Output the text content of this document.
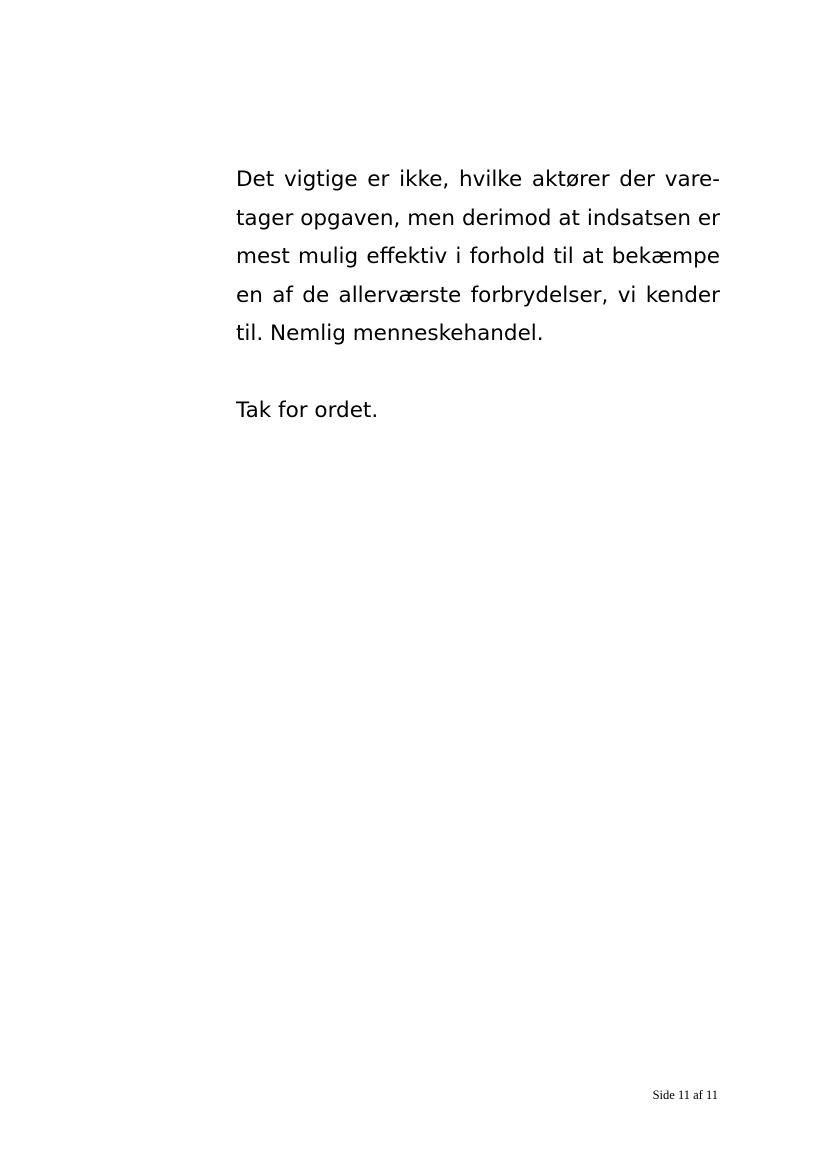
Det vigtige er ikke, hvilke aktører der vare-
tager opgaven, men derimod at indsatsen er
mest mulig effektiv i forhold til at bekæmpe
en af de allerværste forbrydelser, vi kender
til. Nemlig menneskehandel.

Tak for ordet.

Side 11 af 11
